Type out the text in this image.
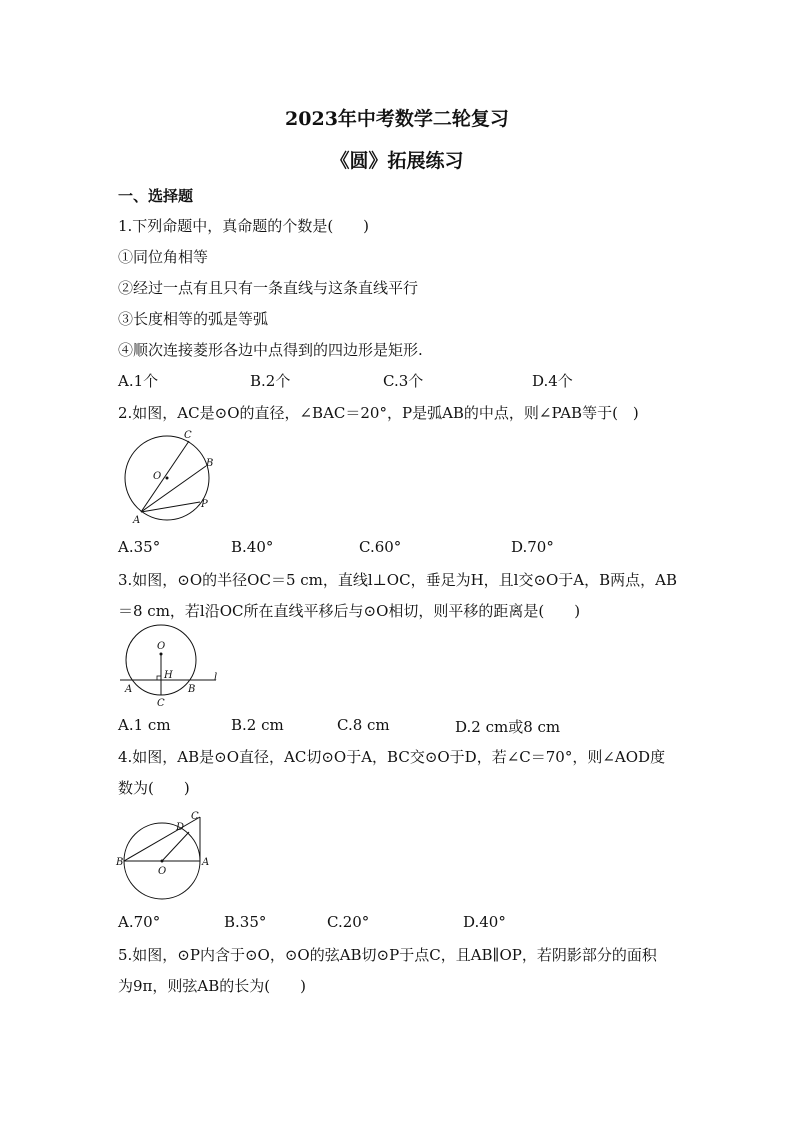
2023年中考数学二轮复习
《圆》拓展练习
一、选择题
1.下列命题中，真命题的个数是(　　)
①同位角相等
②经过一点有且只有一条直线与这条直线平行
③长度相等的弧是等弧
④顺次连接菱形各边中点得到的四边形是矩形.
A.1个	B.2个	C.3个	D.4个
2.如图，AC是⊙O的直径，∠BAC＝20°，P是弧AB的中点，则∠PAB等于(　)
C
B
O
A
P
A.35°	B.40°	C.60°	D.70°
3.如图，⊙O的半径OC＝5 cm，直线l⊥OC，垂足为H，且l交⊙O于A，B两点，AB
＝8 cm，若l沿OC所在直线平移后与⊙O相切，则平移的距离是(　　)
O
H
A	B
C
l
A.1 cm	B.2 cm	C.8 cm	D.2 cm或8 cm
4.如图，AB是⊙O直径，AC切⊙O于A，BC交⊙O于D，若∠C＝70°，则∠AOD度
数为(　　)
C
D
B
O
A
A.70°	B.35°	C.20°	D.40°
5.如图，⊙P内含于⊙O，⊙O的弦AB切⊙P于点C，且AB∥OP，若阴影部分的面积
为9π，则弦AB的长为(　　)
